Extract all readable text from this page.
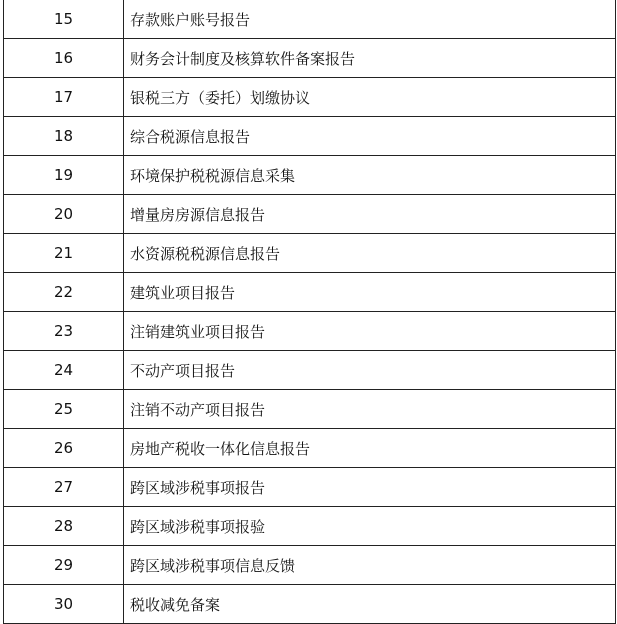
15	存款账户账号报告
16	财务会计制度及核算软件备案报告
17	银税三方（委托）划缴协议
18	综合税源信息报告
19	环境保护税税源信息采集
20	增量房房源信息报告
21	水资源税税源信息报告
22	建筑业项目报告
23	注销建筑业项目报告
24	不动产项目报告
25	注销不动产项目报告
26	房地产税收一体化信息报告
27	跨区域涉税事项报告
28	跨区域涉税事项报验
29	跨区域涉税事项信息反馈
30	税收减免备案
